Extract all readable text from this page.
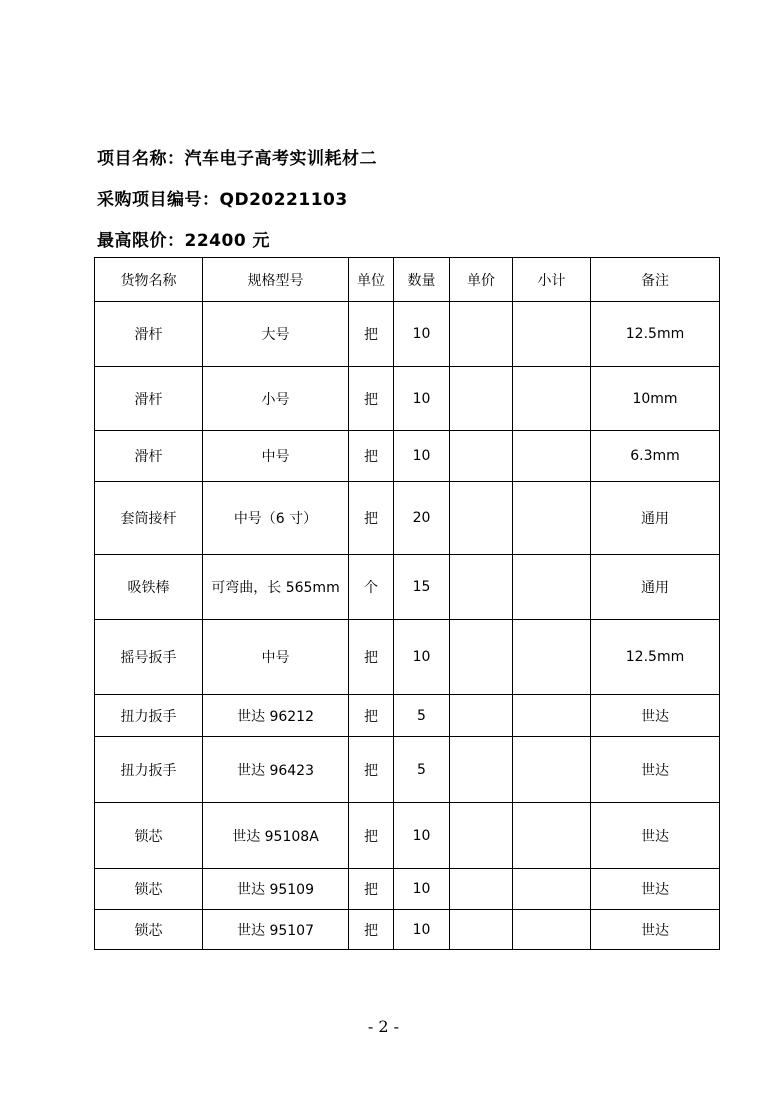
项目名称：汽车电子高考实训耗材二
采购项目编号：QD20221103
最高限价：22400 元
货物名称	规格型号	单位	数量	单价	小计	备注
滑杆	大号	把	10			12.5mm
滑杆	小号	把	10			10mm
滑杆	中号	把	10			6.3mm
套筒接杆	中号（6 寸）	把	20			通用
吸铁棒	可弯曲，长 565mm	个	15			通用
摇号扳手	中号	把	10			12.5mm
扭力扳手	世达 96212	把	5			世达
扭力扳手	世达 96423	把	5			世达
锁芯	世达 95108A	把	10			世达
锁芯	世达 95109	把	10			世达
锁芯	世达 95107	把	10			世达
- 2 -
